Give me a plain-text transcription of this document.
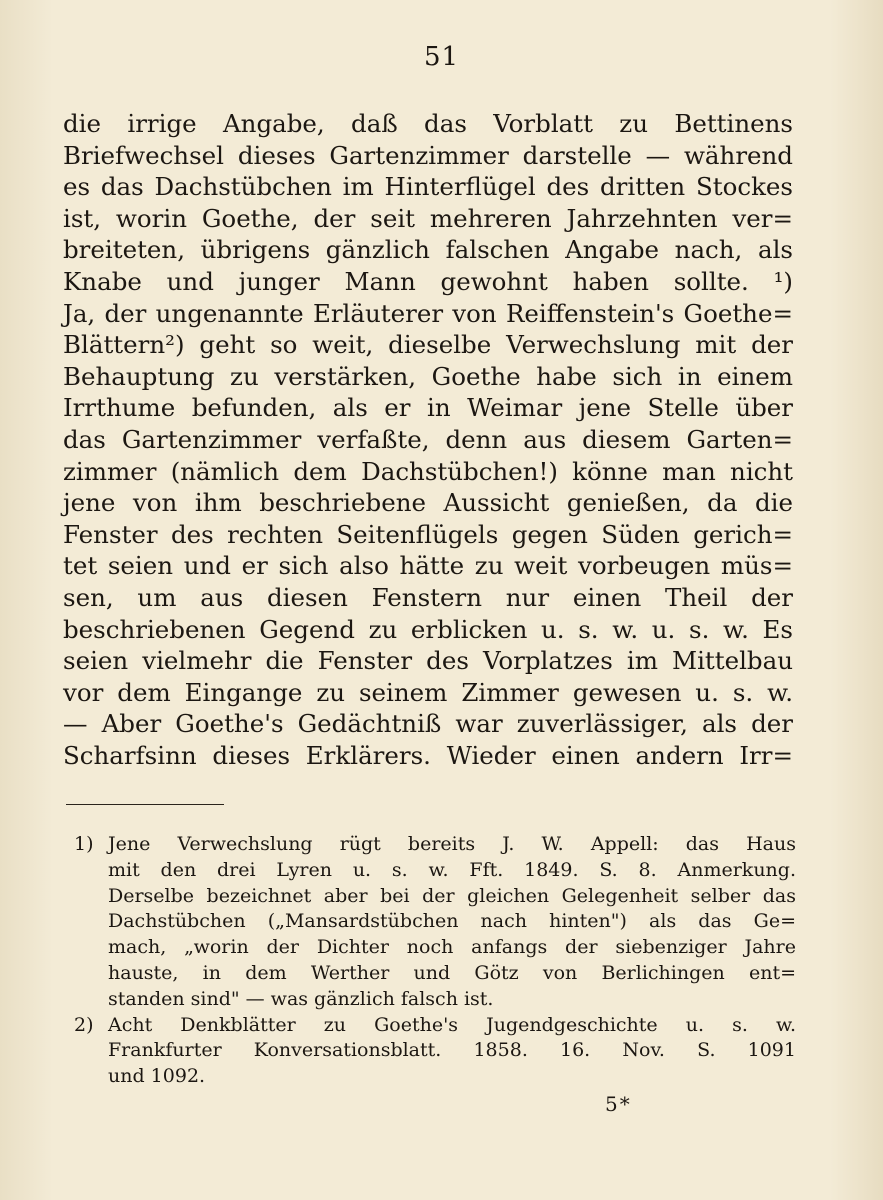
51
die irrige Angabe, daß das Vorblatt zu Bettinens
Briefwechsel dieses Gartenzimmer darstelle — während
es das Dachstübchen im Hinterflügel des dritten Stockes
ist, worin Goethe, der seit mehreren Jahrzehnten ver=
breiteten, übrigens gänzlich falschen Angabe nach, als
Knabe und junger Mann gewohnt haben sollte. ¹)
Ja, der ungenannte Erläuterer von Reiffenstein's Goethe=
Blättern²) geht so weit, dieselbe Verwechslung mit der
Behauptung zu verstärken, Goethe habe sich in einem
Irrthume befunden, als er in Weimar jene Stelle über
das Gartenzimmer verfaßte, denn aus diesem Garten=
zimmer (nämlich dem Dachstübchen!) könne man nicht
jene von ihm beschriebene Aussicht genießen, da die
Fenster des rechten Seitenflügels gegen Süden gerich=
tet seien und er sich also hätte zu weit vorbeugen müs=
sen, um aus diesen Fenstern nur einen Theil der
beschriebenen Gegend zu erblicken u. s. w. u. s. w. Es
seien vielmehr die Fenster des Vorplatzes im Mittelbau
vor dem Eingange zu seinem Zimmer gewesen u. s. w.
— Aber Goethe's Gedächtniß war zuverlässiger, als der
Scharfsinn dieses Erklärers. Wieder einen andern Irr=
1) Jene Verwechslung rügt bereits J. W. Appell: das Haus
mit den drei Lyren u. s. w. Fft. 1849. S. 8. Anmerkung.
Derselbe bezeichnet aber bei der gleichen Gelegenheit selber das
Dachstübchen („Mansardstübchen nach hinten") als das Ge=
mach, „worin der Dichter noch anfangs der siebenziger Jahre
hauste, in dem Werther und Götz von Berlichingen ent=
standen sind" — was gänzlich falsch ist.
2) Acht Denkblätter zu Goethe's Jugendgeschichte u. s. w.
Frankfurter Konversationsblatt. 1858. 16. Nov. S. 1091
und 1092.
5*
